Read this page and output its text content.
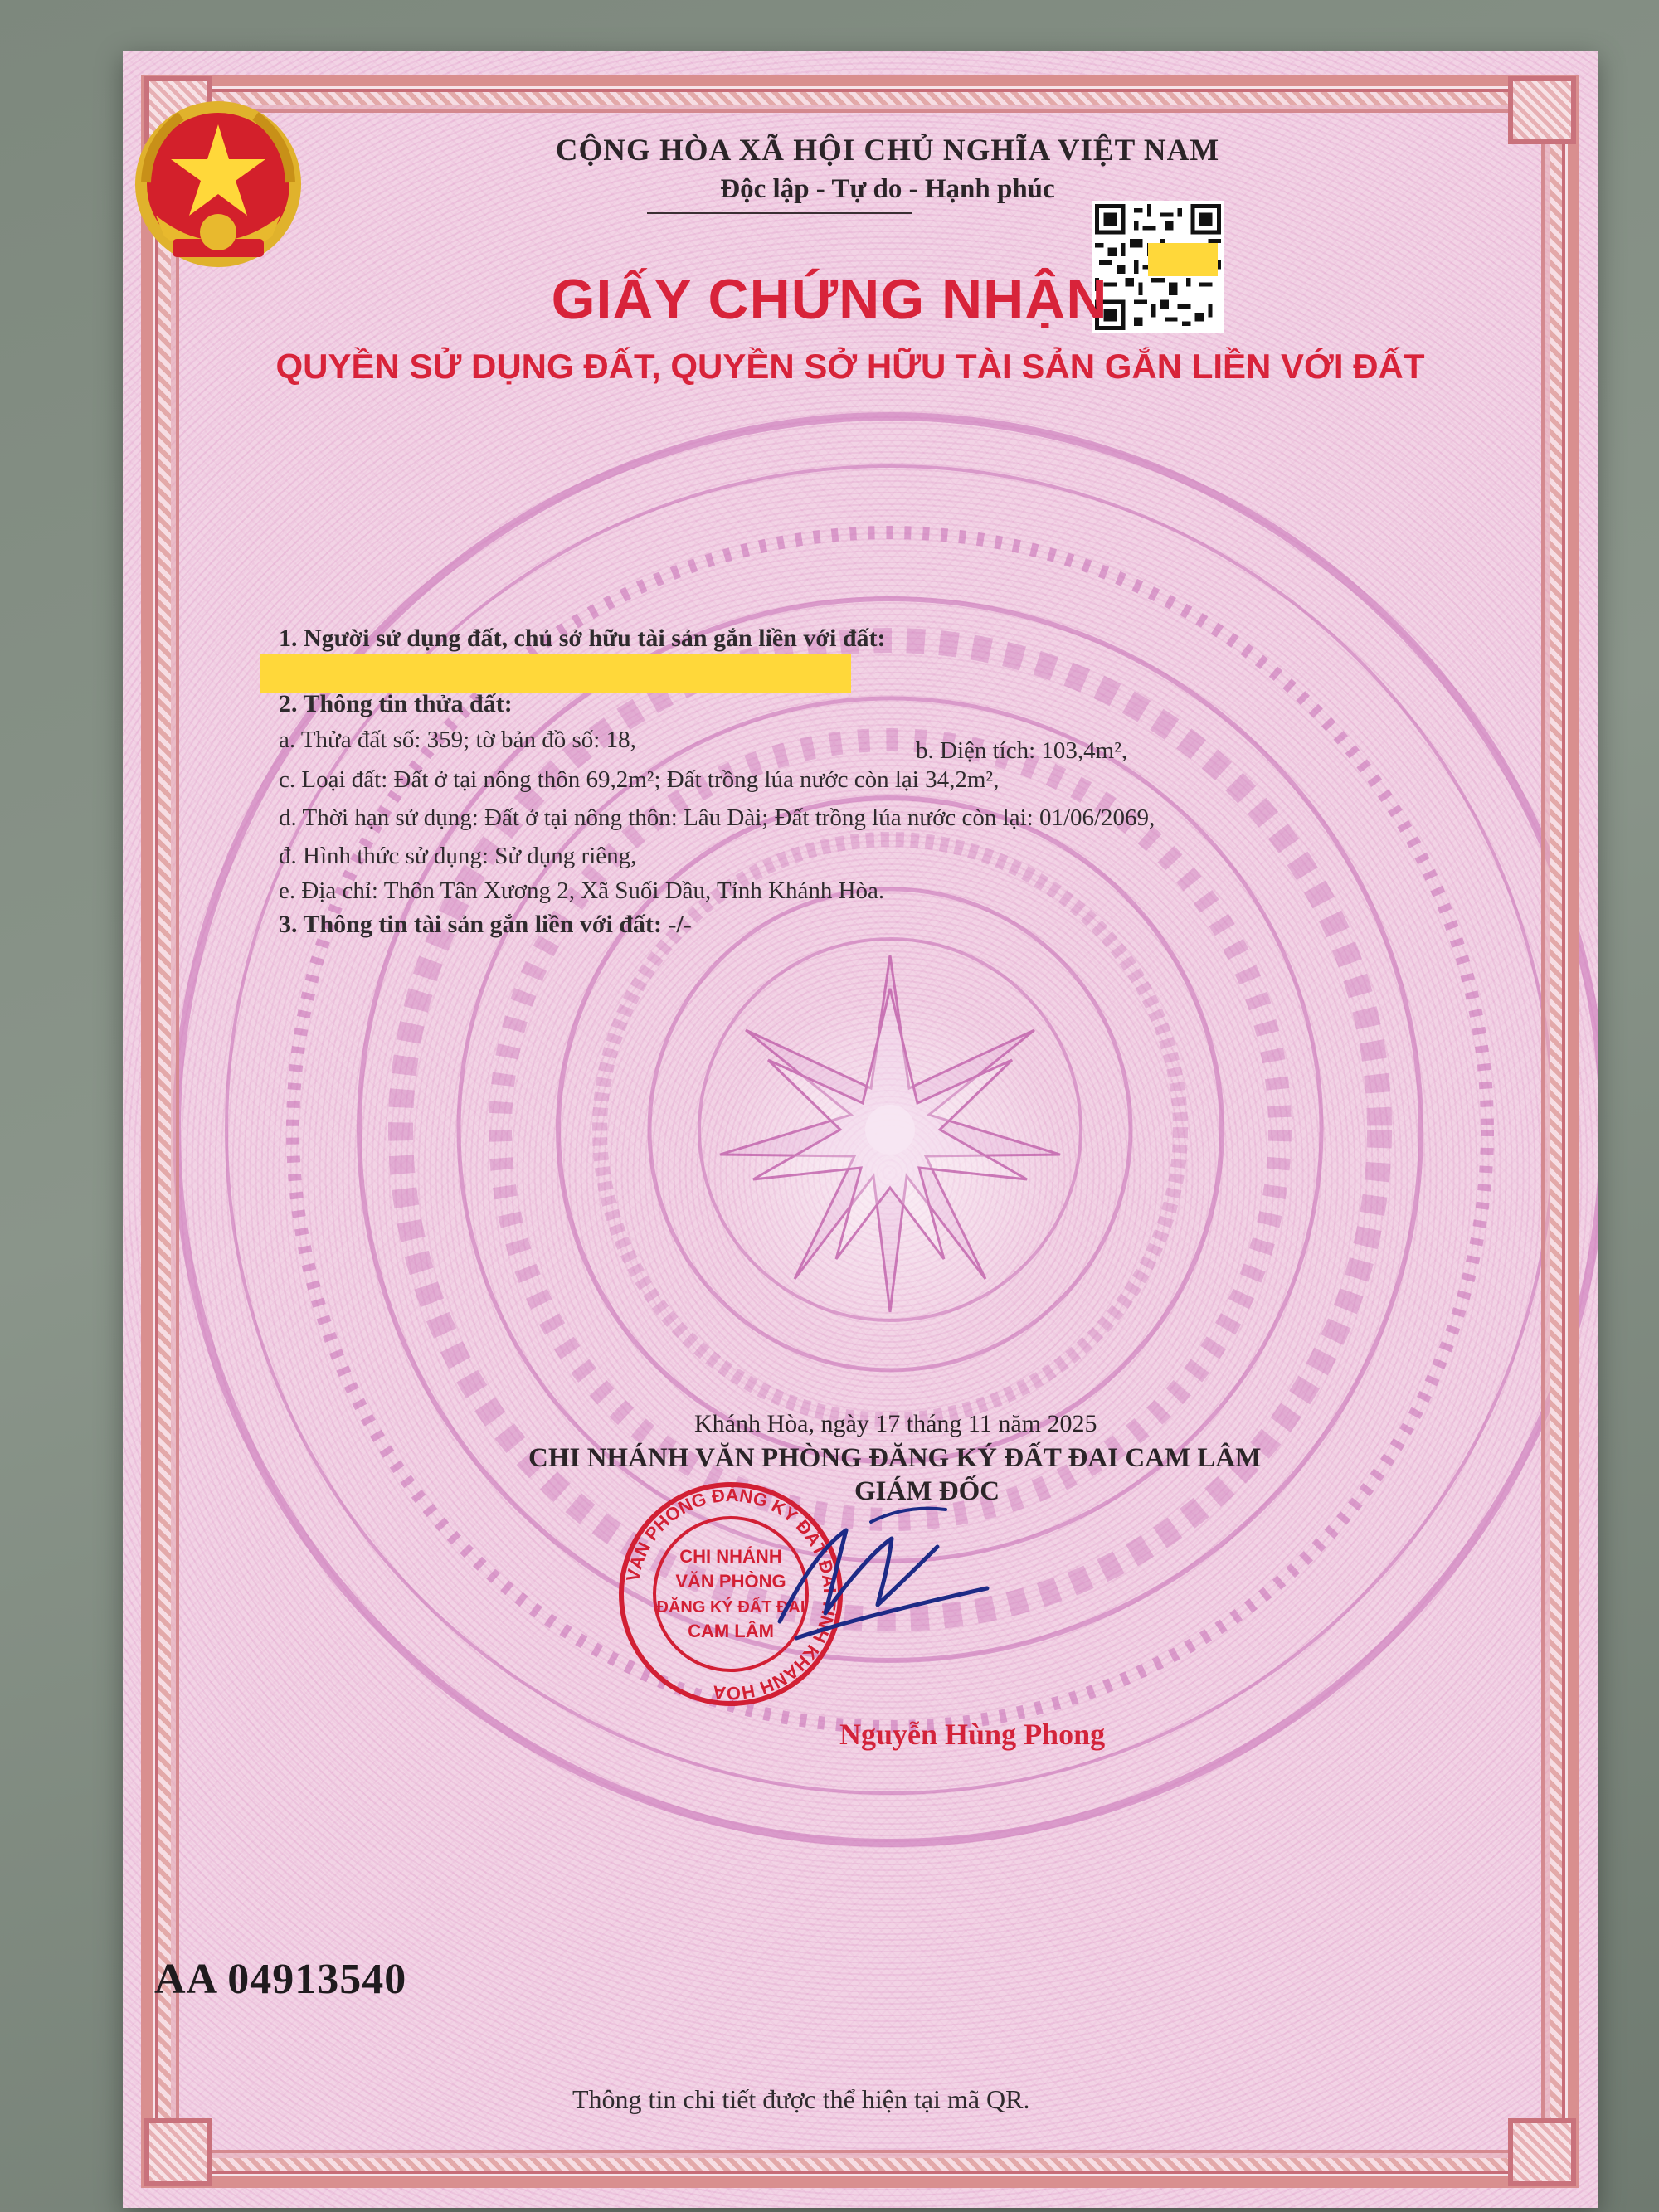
CỘNG HÒA XÃ HỘI CHỦ NGHĨA VIỆT NAM
Độc lập - Tự do - Hạnh phúc
GIẤY CHỨNG NHẬN
QUYỀN SỬ DỤNG ĐẤT, QUYỀN SỞ HỮU TÀI SẢN GẮN LIỀN VỚI ĐẤT
1. Người sử dụng đất, chủ sở hữu tài sản gắn liền với đất:
2. Thông tin thửa đất:
a. Thửa đất số: 359; tờ bản đồ số: 18,	b. Diện tích: 103,4m²,
c. Loại đất: Đất ở tại nông thôn 69,2m²; Đất trồng lúa nước còn lại 34,2m²,
d. Thời hạn sử dụng: Đất ở tại nông thôn: Lâu Dài; Đất trồng lúa nước còn lại: 01/06/2069,
đ. Hình thức sử dụng: Sử dụng riêng,
e. Địa chỉ: Thôn Tân Xương 2, Xã Suối Dầu, Tỉnh Khánh Hòa.
3. Thông tin tài sản gắn liền với đất: -/-
Khánh Hòa, ngày 17 tháng 11 năm 2025
CHI NHÁNH VĂN PHÒNG ĐĂNG KÝ ĐẤT ĐAI CAM LÂM
GIÁM ĐỐC
VĂN PHÒNG ĐĂNG KÝ ĐẤT ĐAI TỈNH KHÁNH HÒA
CHI NHÁNH
VĂN PHÒNG
ĐĂNG KÝ ĐẤT ĐAI
CAM LÂM
Nguyễn Hùng Phong
AA 04913540
Thông tin chi tiết được thể hiện tại mã QR.
